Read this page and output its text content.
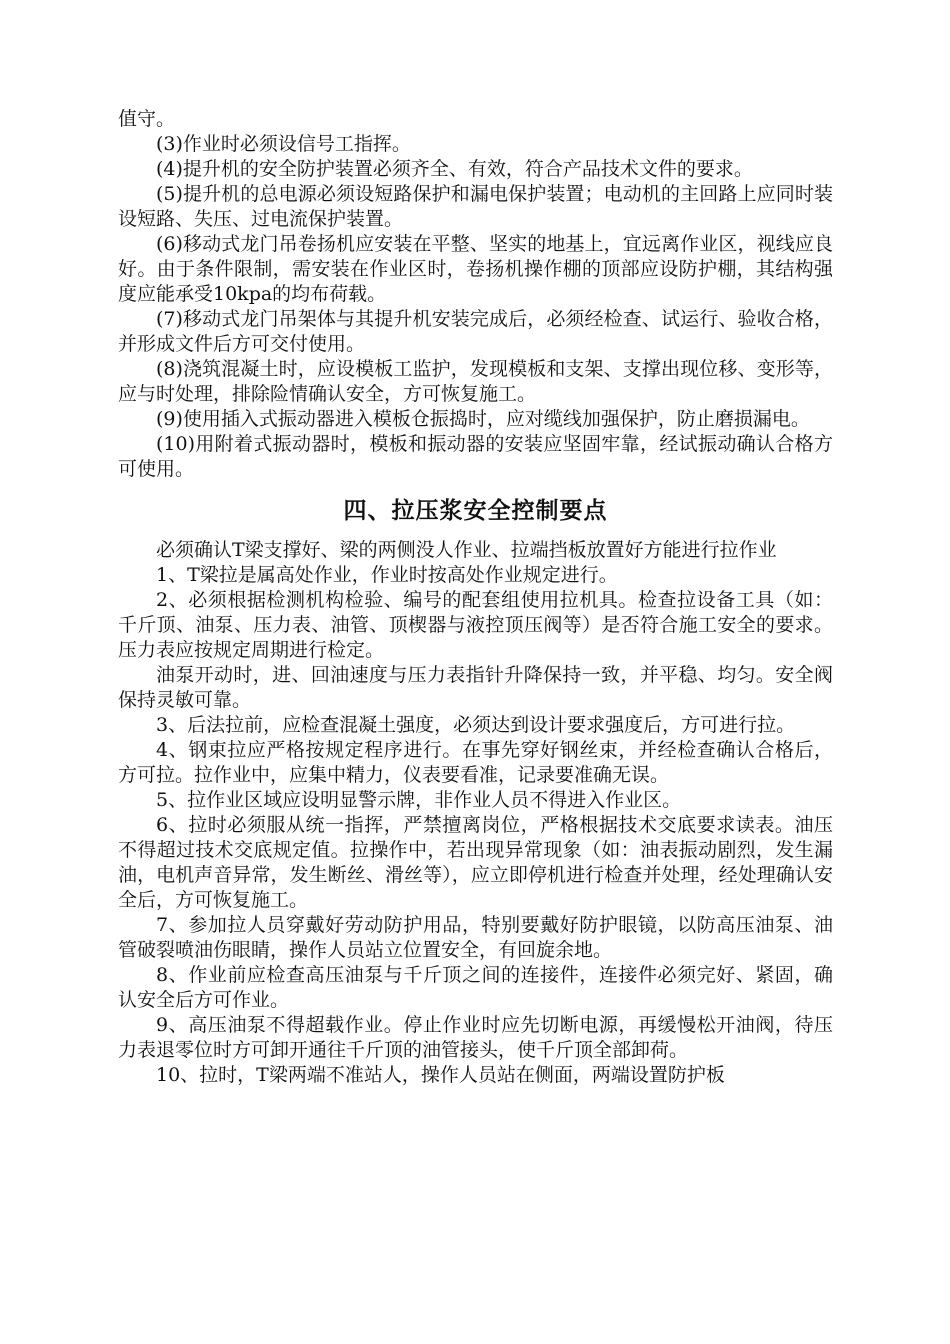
值守。

(3)作业时必须设信号工指挥。

(4)提升机的安全防护装置必须齐全、有效，符合产品技术文件的要求。

(5)提升机的总电源必须设短路保护和漏电保护装置；电动机的主回路上应同时装设短路、失压、过电流保护装置。

(6)移动式龙门吊卷扬机应安装在平整、坚实的地基上，宜远离作业区，视线应良好。由于条件限制，需安装在作业区时，卷扬机操作棚的顶部应设防护棚，其结构强度应能承受10kpa的均布荷载。

(7)移动式龙门吊架体与其提升机安装完成后，必须经检查、试运行、验收合格，并形成文件后方可交付使用。

(8)浇筑混凝土时，应设模板工监护，发现模板和支架、支撑出现位移、变形等，应与时处理，排除险情确认安全，方可恢复施工。

(9)使用插入式振动器进入模板仓振捣时，应对缆线加强保护，防止磨损漏电。

(10)用附着式振动器时，模板和振动器的安装应坚固牢靠，经试振动确认合格方可使用。

四、拉压浆安全控制要点

必须确认T梁支撑好、梁的两侧没人作业、拉端挡板放置好方能进行拉作业

1、T梁拉是属高处作业，作业时按高处作业规定进行。

2、必须根据检测机构检验、编号的配套组使用拉机具。检查拉设备工具（如：千斤顶、油泵、压力表、油管、顶楔器与液控顶压阀等）是否符合施工安全的要求。压力表应按规定周期进行检定。

油泵开动时，进、回油速度与压力表指针升降保持一致，并平稳、均匀。安全阀保持灵敏可靠。

3、后法拉前，应检查混凝土强度，必须达到设计要求强度后，方可进行拉。

4、钢束拉应严格按规定程序进行。在事先穿好钢丝束，并经检查确认合格后，方可拉。拉作业中，应集中精力，仪表要看准，记录要准确无误。

5、拉作业区域应设明显警示牌，非作业人员不得进入作业区。

6、拉时必须服从统一指挥，严禁擅离岗位，严格根据技术交底要求读表。油压不得超过技术交底规定值。拉操作中，若出现异常现象（如：油表振动剧烈，发生漏油，电机声音异常，发生断丝、滑丝等），应立即停机进行检查并处理，经处理确认安全后，方可恢复施工。

7、参加拉人员穿戴好劳动防护用品，特别要戴好防护眼镜，以防高压油泵、油管破裂喷油伤眼睛，操作人员站立位置安全，有回旋余地。

8、作业前应检查高压油泵与千斤顶之间的连接件，连接件必须完好、紧固，确认安全后方可作业。

9、高压油泵不得超载作业。停止作业时应先切断电源，再缓慢松开油阀，待压力表退零位时方可卸开通往千斤顶的油管接头，使千斤顶全部卸荷。

10、拉时，T梁两端不准站人，操作人员站在侧面，两端设置防护板
